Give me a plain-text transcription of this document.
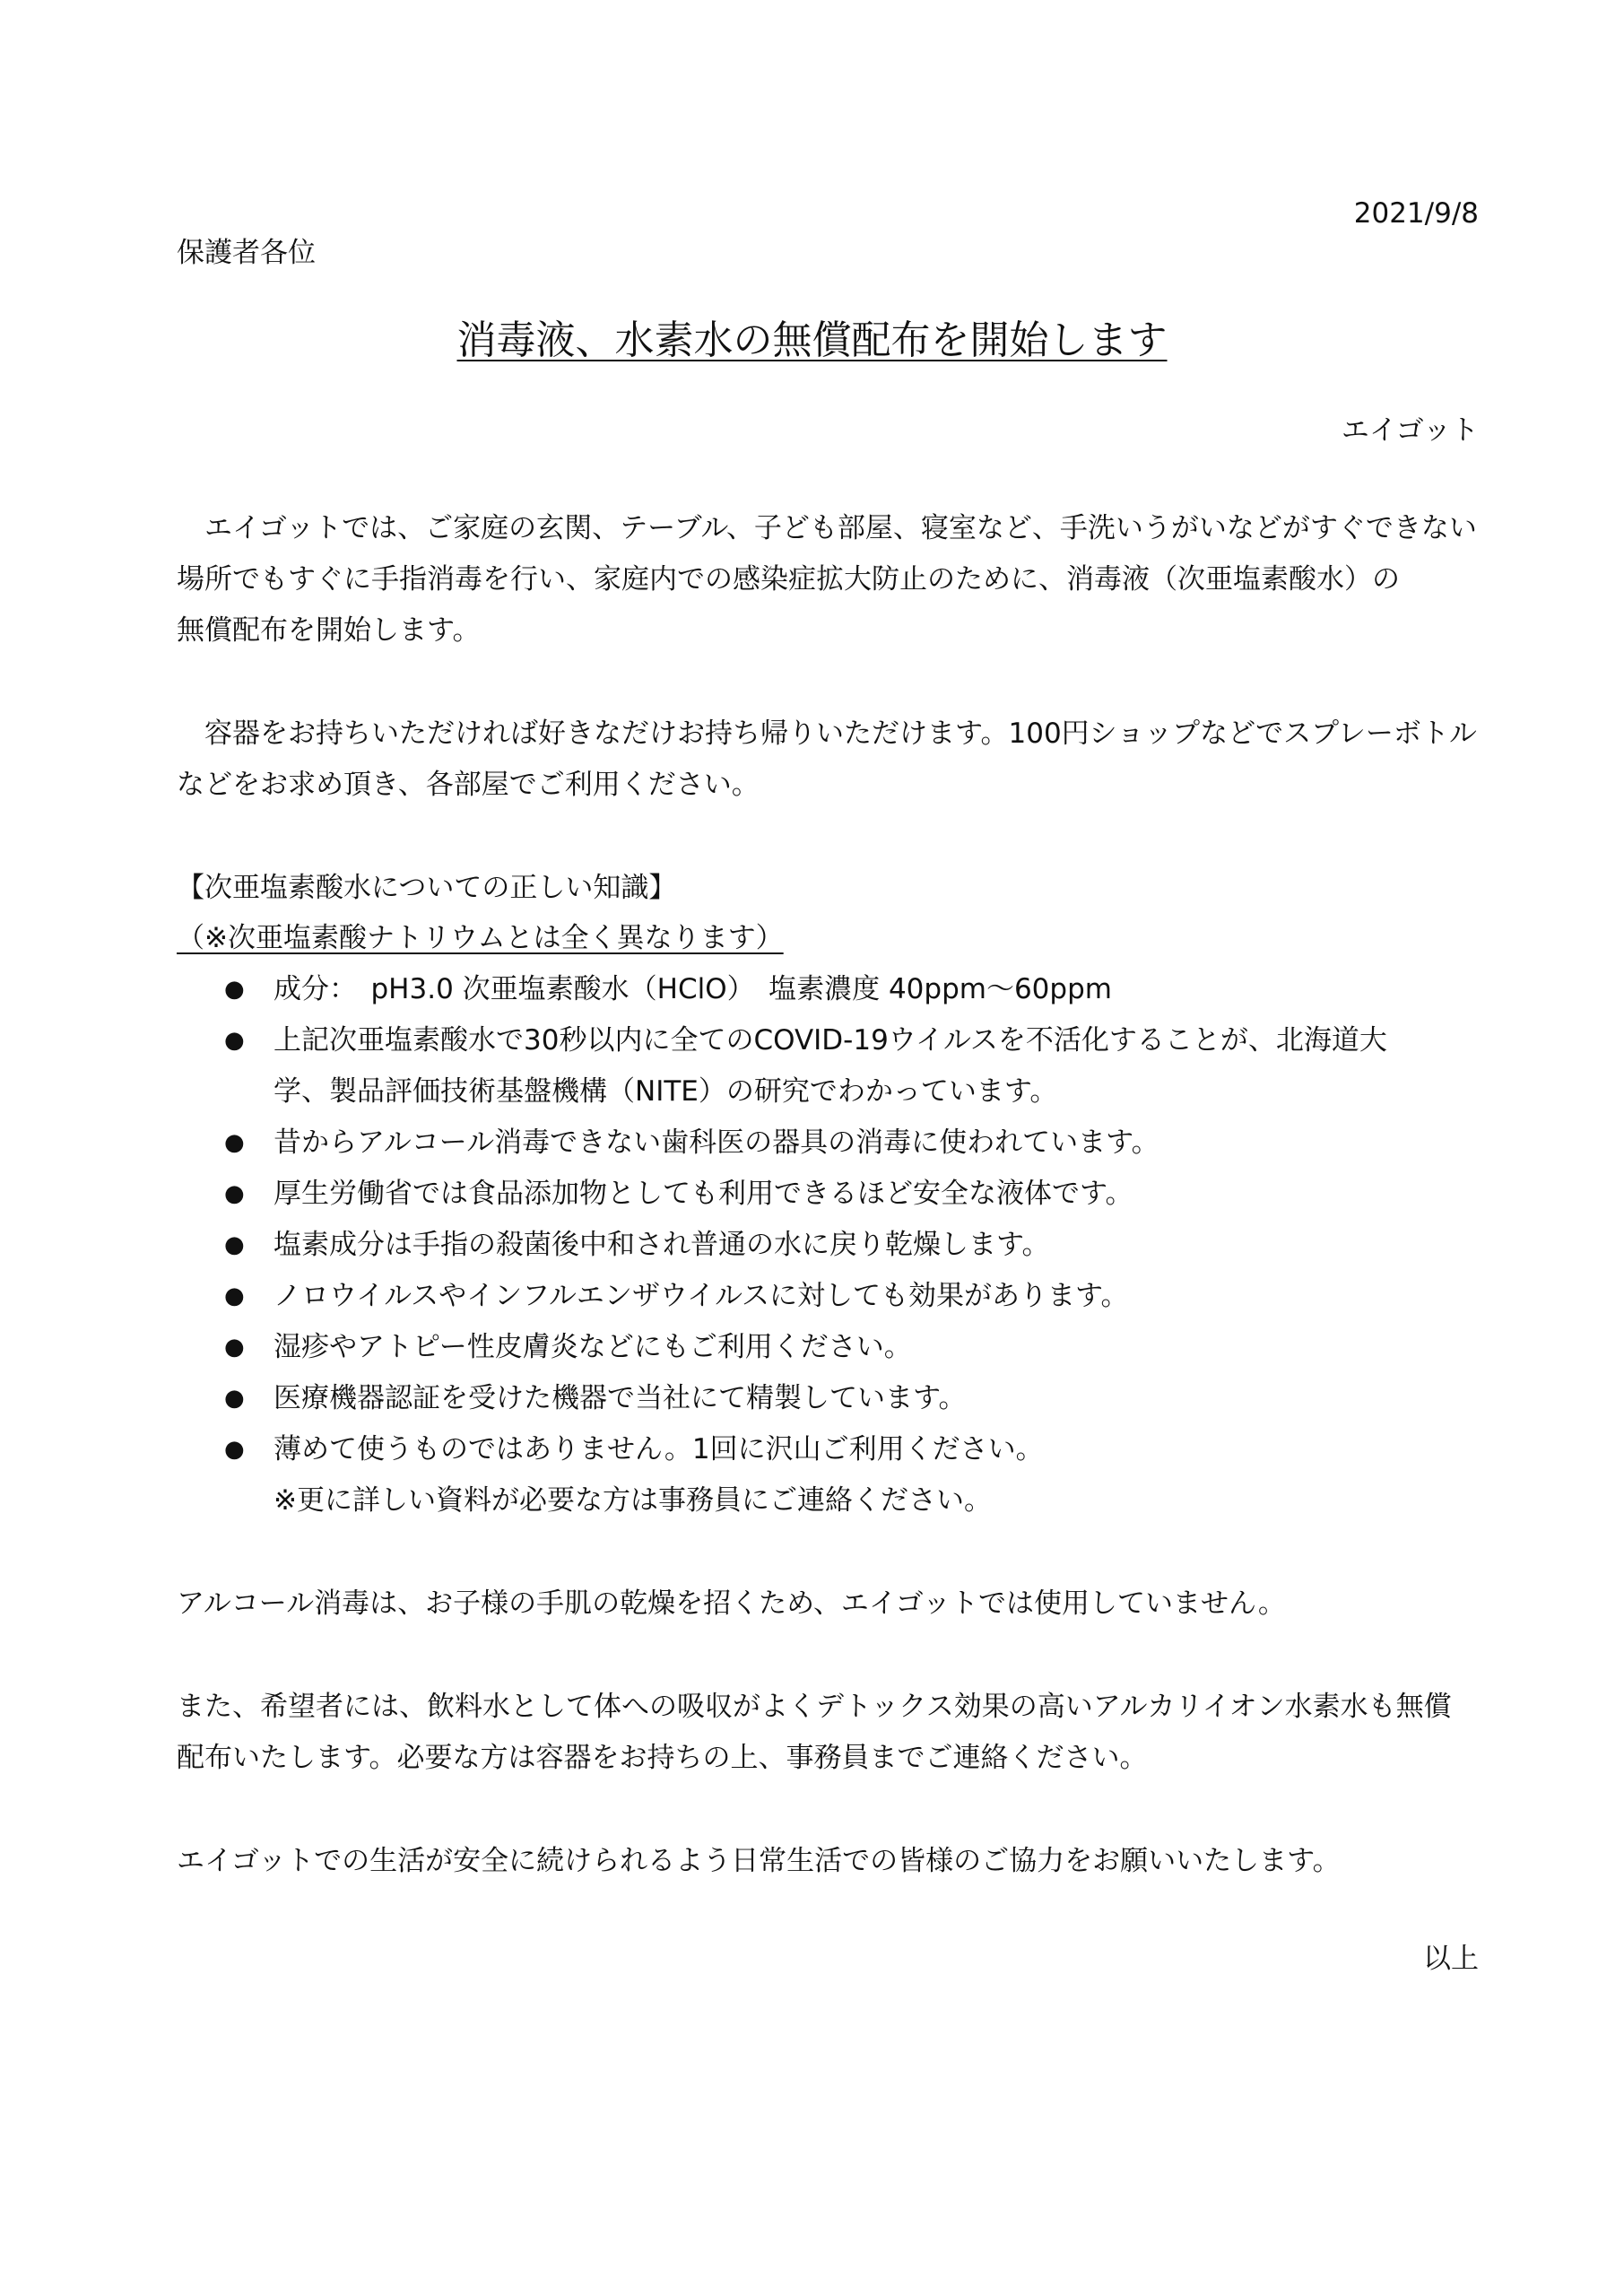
2021/9/8
保護者各位
消毒液、水素水の無償配布を開始します
エイゴット
　エイゴットでは、ご家庭の玄関、テーブル、子ども部屋、寝室など、手洗いうがいなどがすぐできない
場所でもすぐに手指消毒を行い、家庭内での感染症拡大防止のために、消毒液（次亜塩素酸水）の
無償配布を開始します。
　容器をお持ちいただければ好きなだけお持ち帰りいただけます。100円ショップなどでスプレーボトル
などをお求め頂き、各部屋でご利用ください。
【次亜塩素酸水についての正しい知識】
（※次亜塩素酸ナトリウムとは全く異なります）
● 成分：　pH3.0 次亜塩素酸水（HClO）　塩素濃度 40ppm〜60ppm
● 上記次亜塩素酸水で30秒以内に全てのCOVID-19ウイルスを不活化することが、北海道大
学、製品評価技術基盤機構（NITE）の研究でわかっています。
● 昔からアルコール消毒できない歯科医の器具の消毒に使われています。
● 厚生労働省では食品添加物としても利用できるほど安全な液体です。
● 塩素成分は手指の殺菌後中和され普通の水に戻り乾燥します。
● ノロウイルスやインフルエンザウイルスに対しても効果があります。
● 湿疹やアトピー性皮膚炎などにもご利用ください。
● 医療機器認証を受けた機器で当社にて精製しています。
● 薄めて使うものではありません。1回に沢山ご利用ください。
※更に詳しい資料が必要な方は事務員にご連絡ください。
アルコール消毒は、お子様の手肌の乾燥を招くため、エイゴットでは使用していません。
また、希望者には、飲料水として体への吸収がよくデトックス効果の高いアルカリイオン水素水も無償
配布いたします。必要な方は容器をお持ちの上、事務員までご連絡ください。
エイゴットでの生活が安全に続けられるよう日常生活での皆様のご協力をお願いいたします。
以上
